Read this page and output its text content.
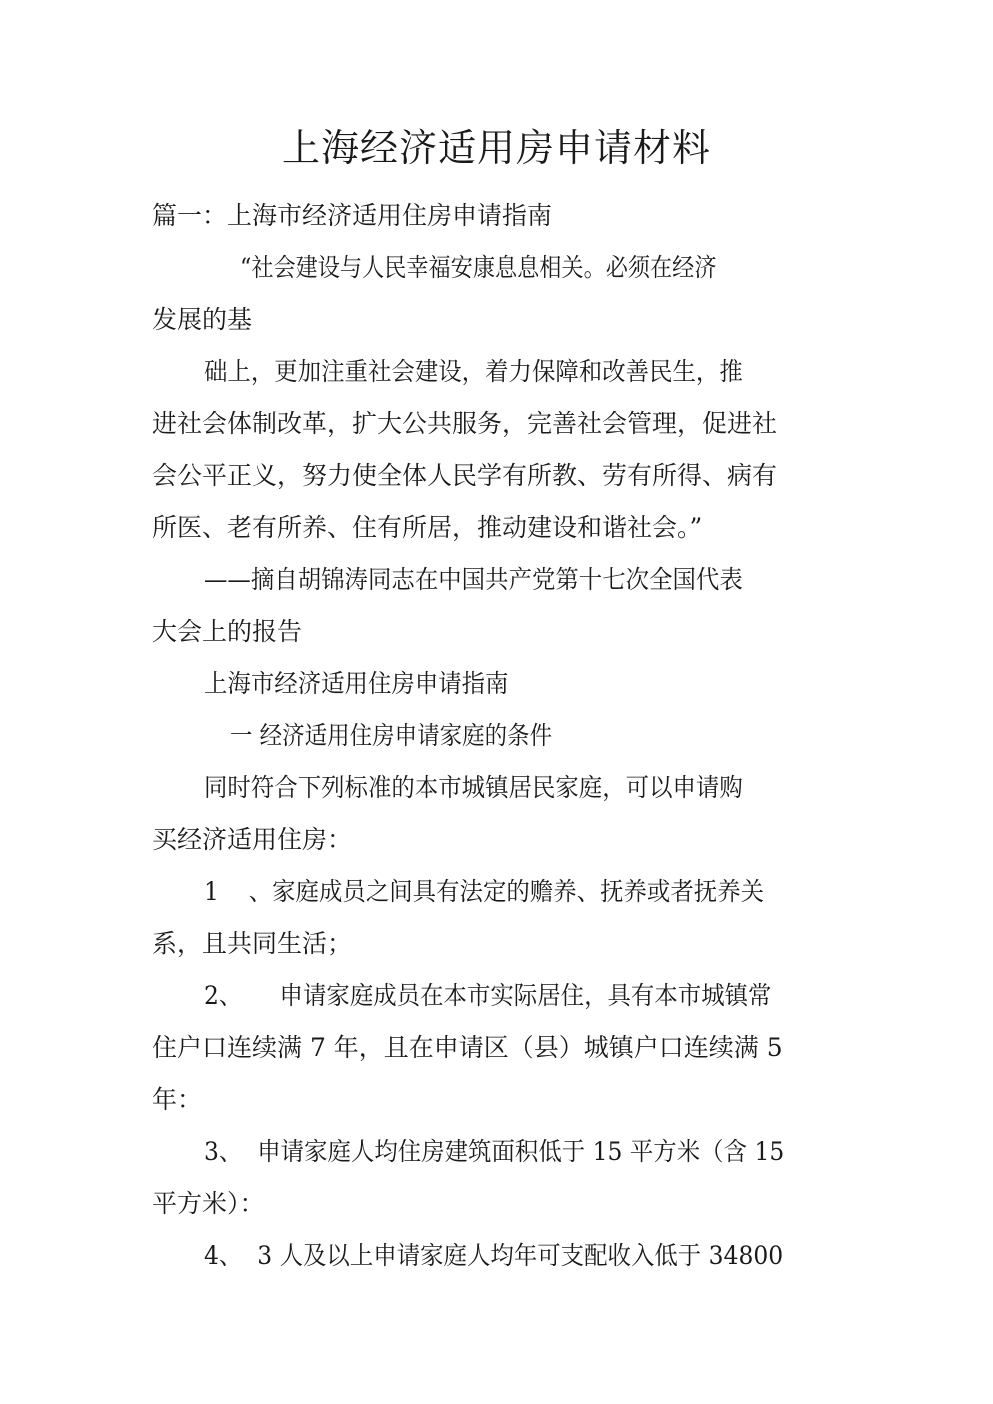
上海经济适用房申请材料

篇一：上海市经济适用住房申请指南

“社会建设与人民幸福安康息息相关。必须在经济

发展的基

础上，更加注重社会建设，着力保障和改善民生，推

进社会体制改革，扩大公共服务，完善社会管理，促进社

会公平正义，努力使全体人民学有所教、劳有所得、病有

所医、老有所养、住有所居，推动建设和谐社会。”

——摘自胡锦涛同志在中国共产党第十七次全国代表

大会上的报告

上海市经济适用住房申请指南

一 经济适用住房申请家庭的条件

同时符合下列标准的本市城镇居民家庭，可以申请购

买经济适用住房：

1    、家庭成员之间具有法定的赡养、抚养或者抚养关

系，且共同生活；

2、     申请家庭成员在本市实际居住，具有本市城镇常

住户口连续满 7 年，且在申请区（县）城镇户口连续满 5

年：

3、  申请家庭人均住房建筑面积低于 15 平方米（含 15

平方米）：

4、  3 人及以上申请家庭人均年可支配收入低于 34800
